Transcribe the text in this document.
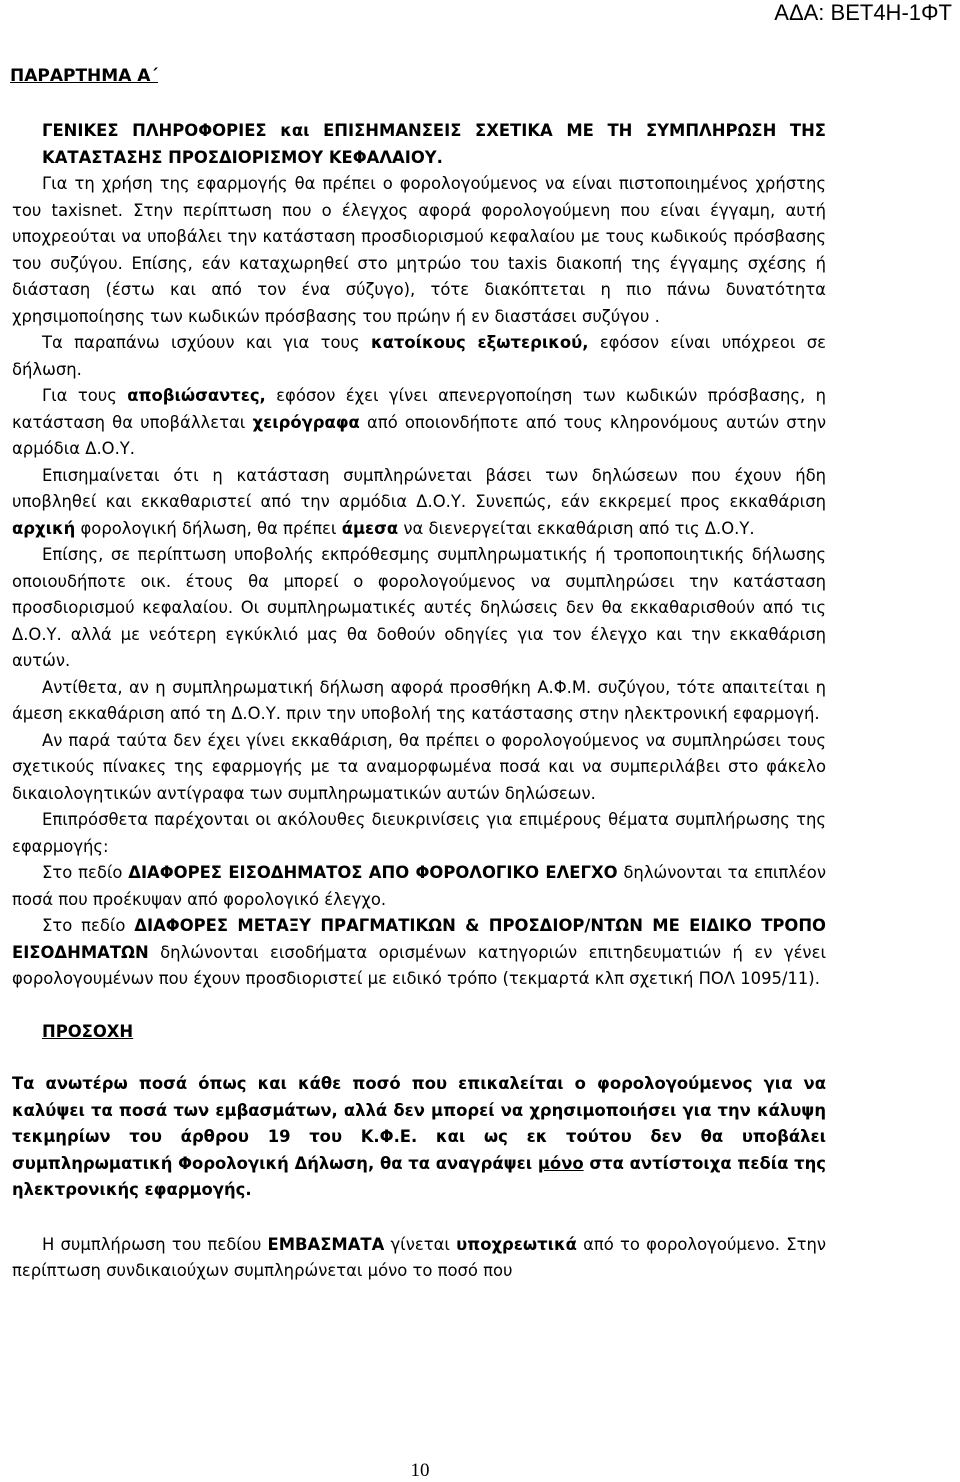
ΑΔΑ: ΒΕΤ4Η-1ΦΤ
ΠΑΡΑΡΤΗΜΑ Α΄

ΓΕΝΙΚΕΣ ΠΛΗΡΟΦΟΡΙΕΣ και ΕΠΙΣΗΜΑΝΣΕΙΣ ΣΧΕΤΙΚΑ ΜΕ ΤΗ ΣΥΜΠΛΗΡΩΣΗ ΤΗΣ ΚΑΤΑΣΤΑΣΗΣ ΠΡΟΣΔΙΟΡΙΣΜΟΥ ΚΕΦΑΛΑΙΟΥ.

Για τη χρήση της εφαρμογής θα πρέπει ο φορολογούμενος να είναι πιστοποιημένος χρήστης του taxisnet. Στην περίπτωση που ο έλεγχος αφορά φορολογούμενη που είναι έγγαμη, αυτή υποχρεούται να υποβάλει την κατάσταση προσδιορισμού κεφαλαίου με τους κωδικούς πρόσβασης του συζύγου. Επίσης, εάν καταχωρηθεί στο μητρώο του taxis διακοπή της έγγαμης σχέσης ή διάσταση (έστω και από τον ένα σύζυγο), τότε διακόπτεται η πιο πάνω δυνατότητα χρησιμοποίησης των κωδικών πρόσβασης του πρώην ή εν διαστάσει συζύγου .

Τα παραπάνω ισχύουν και για τους κατοίκους εξωτερικού, εφόσον είναι υπόχρεοι σε δήλωση.

Για τους αποβιώσαντες, εφόσον έχει γίνει απενεργοποίηση των κωδικών πρόσβασης, η κατάσταση θα υποβάλλεται χειρόγραφα από οποιονδήποτε από τους κληρονόμους αυτών στην αρμόδια Δ.Ο.Υ.

Επισημαίνεται ότι η κατάσταση συμπληρώνεται βάσει των δηλώσεων που έχουν ήδη υποβληθεί και εκκαθαριστεί από την αρμόδια Δ.Ο.Υ. Συνεπώς, εάν εκκρεμεί προς εκκαθάριση αρχική φορολογική δήλωση, θα πρέπει άμεσα να διενεργείται εκκαθάριση από τις Δ.Ο.Υ.

Επίσης, σε περίπτωση υποβολής εκπρόθεσμης συμπληρωματικής ή τροποποιητικής δήλωσης οποιουδήποτε οικ. έτους θα μπορεί ο φορολογούμενος να συμπληρώσει την κατάσταση προσδιορισμού κεφαλαίου. Οι συμπληρωματικές αυτές δηλώσεις δεν θα εκκαθαρισθούν από τις Δ.Ο.Υ. αλλά με νεότερη εγκύκλιό μας θα δοθούν οδηγίες για τον έλεγχο και την εκκαθάριση αυτών.

Αντίθετα, αν η συμπληρωματική δήλωση αφορά προσθήκη Α.Φ.Μ. συζύγου, τότε απαιτείται η άμεση εκκαθάριση από τη Δ.Ο.Υ. πριν την υποβολή της κατάστασης στην ηλεκτρονική εφαρμογή.

Αν παρά ταύτα δεν έχει γίνει εκκαθάριση, θα πρέπει ο φορολογούμενος να συμπληρώσει τους σχετικούς πίνακες της εφαρμογής με τα αναμορφωμένα ποσά και να συμπεριλάβει στο φάκελο δικαιολογητικών αντίγραφα των συμπληρωματικών αυτών δηλώσεων.

Επιπρόσθετα παρέχονται οι ακόλουθες διευκρινίσεις για επιμέρους θέματα συμπλήρωσης της εφαρμογής:

Στο πεδίο ΔΙΑΦΟΡΕΣ ΕΙΣΟΔΗΜΑΤΟΣ ΑΠΟ ΦΟΡΟΛΟΓΙΚΟ ΕΛΕΓΧΟ δηλώνονται τα επιπλέον ποσά που προέκυψαν από φορολογικό έλεγχο.

Στο πεδίο ΔΙΑΦΟΡΕΣ ΜΕΤΑΞΥ ΠΡΑΓΜΑΤΙΚΩΝ & ΠΡΟΣΔΙΟΡ/ΝΤΩΝ ΜΕ ΕΙΔΙΚΟ ΤΡΟΠΟ ΕΙΣΟΔΗΜΑΤΩΝ δηλώνονται εισοδήματα ορισμένων κατηγοριών επιτηδευματιών ή εν γένει φορολογουμένων που έχουν προσδιοριστεί με ειδικό τρόπο (τεκμαρτά κλπ σχετική ΠΟΛ 1095/11).

ΠΡΟΣΟΧΗ

Τα ανωτέρω ποσά όπως και κάθε ποσό που επικαλείται ο φορολογούμενος για να καλύψει τα ποσά των εμβασμάτων, αλλά δεν μπορεί να χρησιμοποιήσει για την κάλυψη τεκμηρίων του άρθρου 19 του Κ.Φ.Ε. και ως εκ τούτου δεν θα υποβάλει συμπληρωματική Φορολογική Δήλωση, θα τα αναγράψει μόνο στα αντίστοιχα πεδία της ηλεκτρονικής εφαρμογής.

Η συμπλήρωση του πεδίου ΕΜΒΑΣΜΑΤΑ γίνεται υποχρεωτικά από το φορολογούμενο. Στην περίπτωση συνδικαιούχων συμπληρώνεται μόνο το ποσό που

10
